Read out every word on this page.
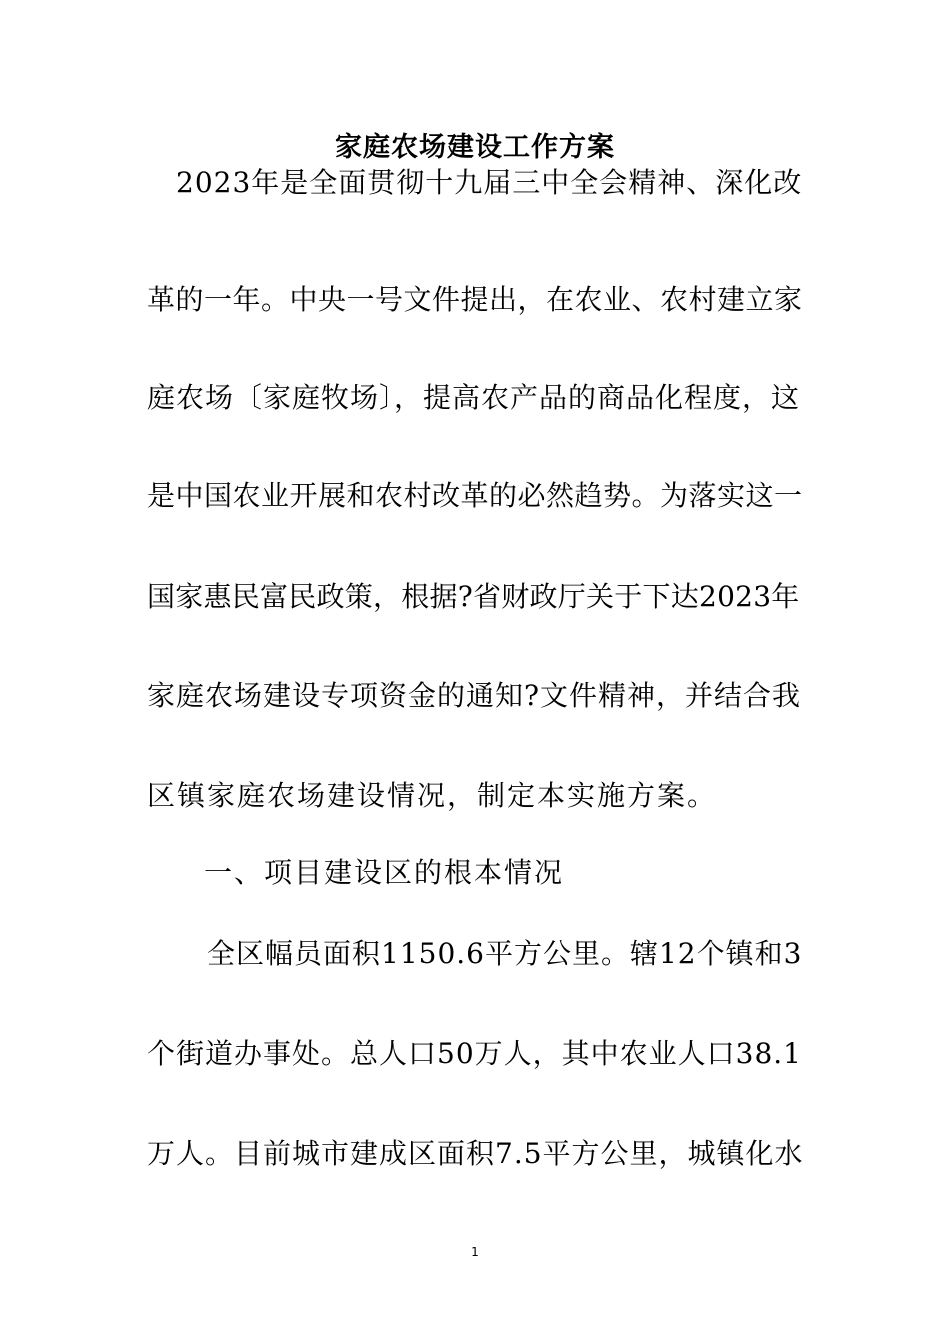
家庭农场建设工作方案
2023年是全面贯彻十九届三中全会精神、深化改
革的一年。中央一号文件提出，在农业、农村建立家
庭农场〔家庭牧场〕，提高农产品的商品化程度，这
是中国农业开展和农村改革的必然趋势。为落实这一
国家惠民富民政策，根据?省财政厅关于下达2023年
家庭农场建设专项资金的通知?文件精神，并结合我
区镇家庭农场建设情况，制定本实施方案。
一、项目建设区的根本情况
全区幅员面积1150.6平方公里。辖12个镇和3
个街道办事处。总人口50万人，其中农业人口38.1
万人。目前城市建成区面积7.5平方公里，城镇化水
1
